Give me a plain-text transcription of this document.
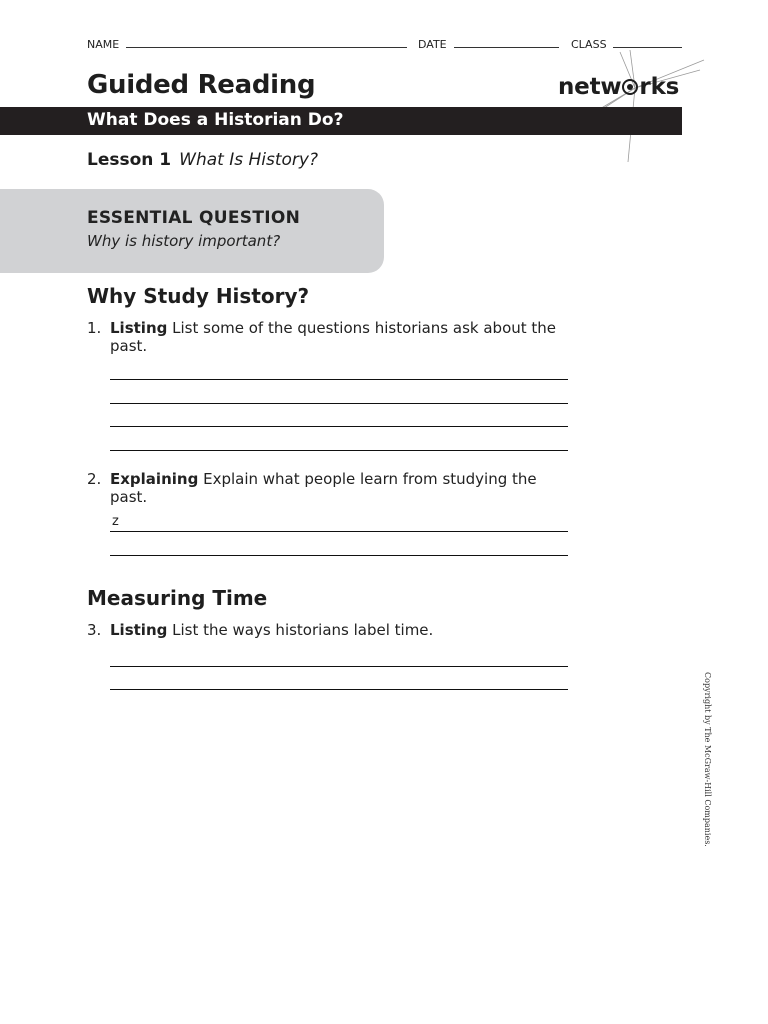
NAME	DATE	CLASS
Guided Reading	netw rks
What Does a Historian Do?
Lesson 1 What Is History?
ESSENTIAL QUESTION
Why is history important?
Why Study History?
1. Listing List some of the questions historians ask about the past.
2. Explaining Explain what people learn from studying the past.
z
Measuring Time
3. Listing List the ways historians label time.
Copyright by The McGraw-Hill Companies.
